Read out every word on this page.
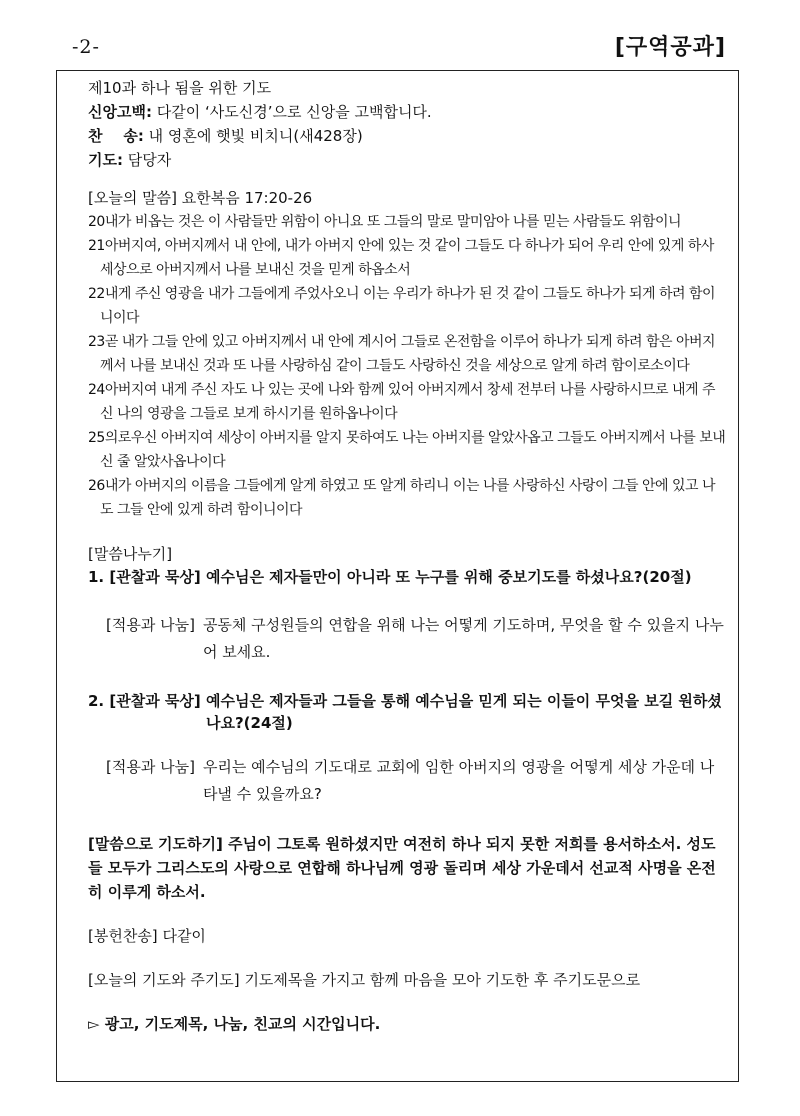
-2-	[구역공과]
제10과 하나 됨을 위한 기도
신앙고백: 다같이 ‘사도신경’으로 신앙을 고백합니다.
찬    송: 내 영혼에 햇빛 비치니(새428장)
기도: 담당자
[오늘의 말씀] 요한복음 17:20-26

20내가 비옵는 것은 이 사람들만 위함이 아니요 또 그들의 말로 말미암아 나를 믿는 사람들도 위함이니

21아버지여, 아버지께서 내 안에, 내가 아버지 안에 있는 것 같이 그들도 다 하나가 되어 우리 안에 있게 하사 세상으로 아버지께서 나를 보내신 것을 믿게 하옵소서

22내게 주신 영광을 내가 그들에게 주었사오니 이는 우리가 하나가 된 것 같이 그들도 하나가 되게 하려 함이니이다

23곧 내가 그들 안에 있고 아버지께서 내 안에 계시어 그들로 온전함을 이루어 하나가 되게 하려 함은 아버지께서 나를 보내신 것과 또 나를 사랑하심 같이 그들도 사랑하신 것을 세상으로 알게 하려 함이로소이다

24아버지여 내게 주신 자도 나 있는 곳에 나와 함께 있어 아버지께서 창세 전부터 나를 사랑하시므로 내게 주신 나의 영광을 그들로 보게 하시기를 원하옵나이다

25의로우신 아버지여 세상이 아버지를 알지 못하여도 나는 아버지를 알았사옵고 그들도 아버지께서 나를 보내신 줄 알았사옵나이다

26내가 아버지의 이름을 그들에게 알게 하였고 또 알게 하리니 이는 나를 사랑하신 사랑이 그들 안에 있고 나도 그들 안에 있게 하려 함이니이다

[말씀나누기]
1. [관찰과 묵상]
예수님은 제자들만이 아니라 또 누구를 위해 중보기도를 하셨나요?(20절)
[적용과 나눔] 공동체 구성원들의 연합을 위해 나는 어떻게 기도하며, 무엇을 할 수 있을지 나누어 보세요.
2. [관찰과 묵상]
예수님은 제자들과 그들을 통해 예수님을 믿게 되는 이들이 무엇을 보길 원하셨나요?(24절)
[적용과 나눔] 우리는 예수님의 기도대로 교회에 임한 아버지의 영광을 어떻게 세상 가운데 나타낼 수 있을까요?
[말씀으로 기도하기] 주님이 그토록 원하셨지만 여전히 하나 되지 못한 저희를 용서하소서. 성도들 모두가 그리스도의 사랑으로 연합해 하나님께 영광 돌리며 세상 가운데서 선교적 사명을 온전히 이루게 하소서.
[봉헌찬송] 다같이
[오늘의 기도와 주기도] 기도제목을 가지고 함께 마음을 모아 기도한 후 주기도문으로
▻ 광고, 기도제목, 나눔, 친교의 시간입니다.
